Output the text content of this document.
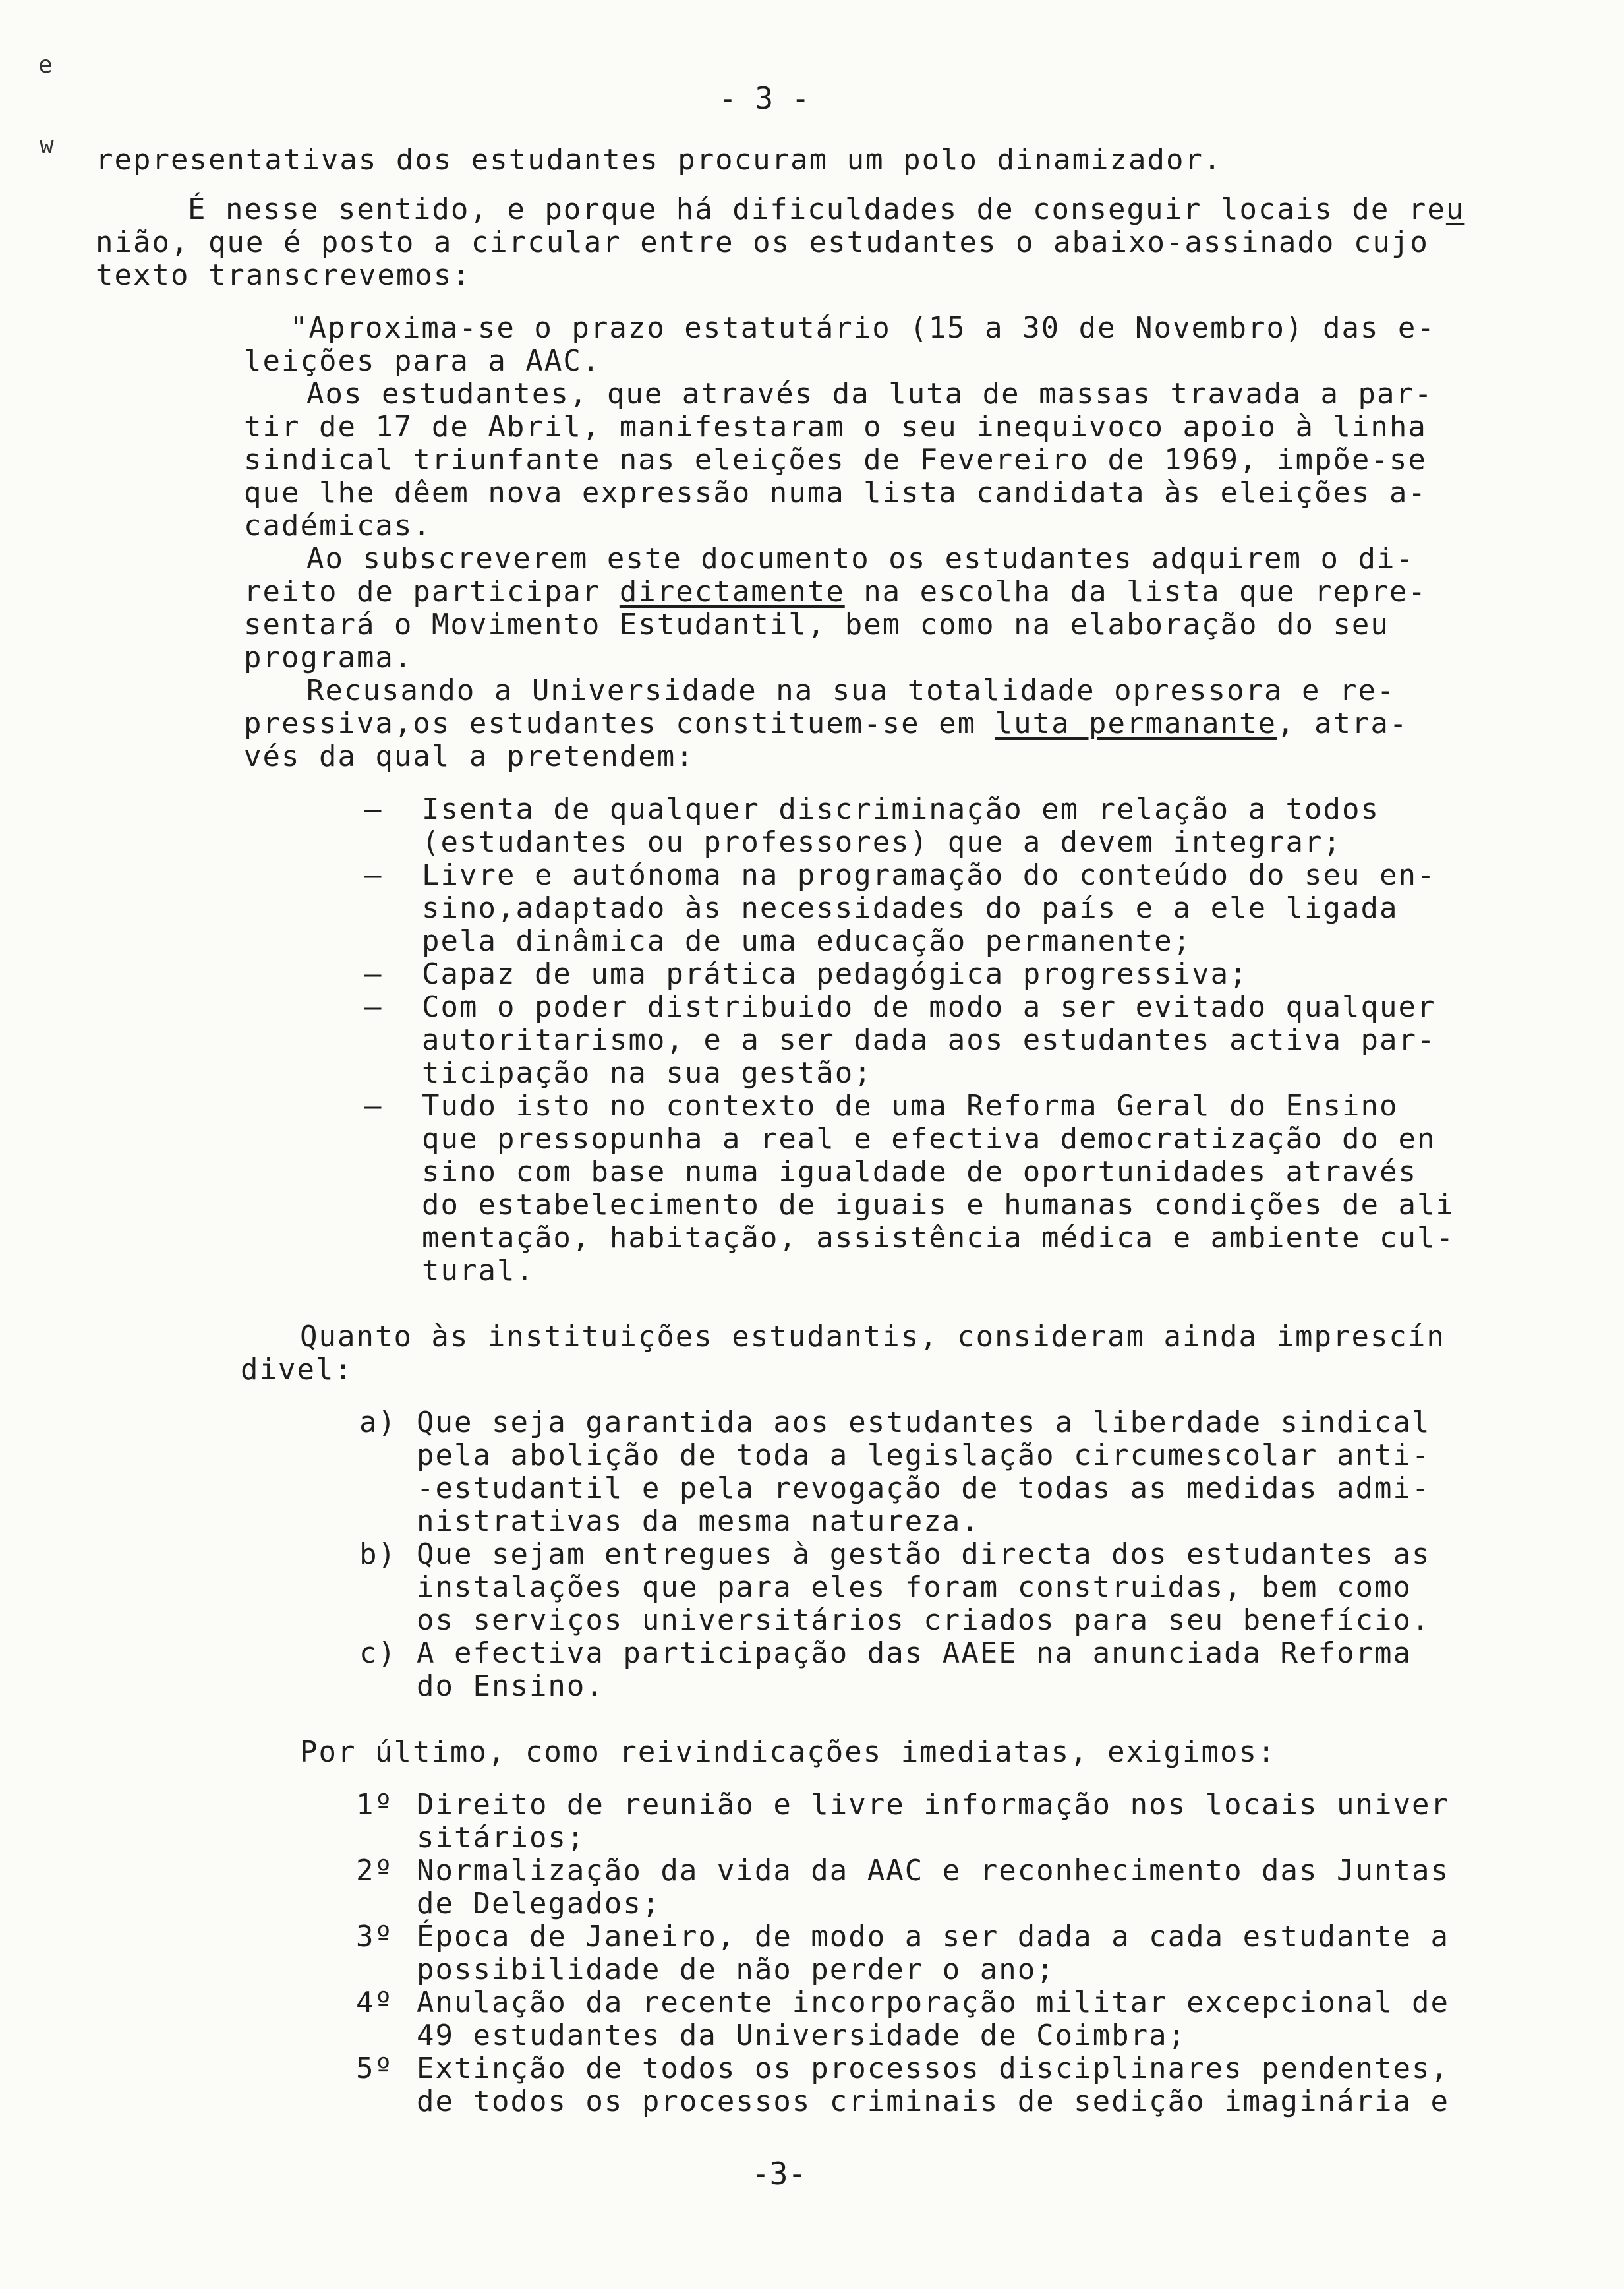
e
w
- 3 -
representativas dos estudantes procuram um polo dinamizador.
É nesse sentido, e porque há dificuldades de conseguir locais de reu
nião, que é posto a circular entre os estudantes o abaixo-assinado cujo
texto transcrevemos:
"Aproxima-se o prazo estatutário (15 a 30 de Novembro) das e-
leições para a AAC.
Aos estudantes, que através da luta de massas travada a par-
tir de 17 de Abril, manifestaram o seu inequivoco apoio à linha
sindical triunfante nas eleições de Fevereiro de 1969, impõe-se
que lhe dêem nova expressão numa lista candidata às eleições a-
cadémicas.
Ao subscreverem este documento os estudantes adquirem o di-
reito de participar directamente na escolha da lista que repre-
sentará o Movimento Estudantil, bem como na elaboração do seu
programa.
Recusando a Universidade na sua totalidade opressora e re-
pressiva,os estudantes constituem-se em luta permanante, atra-
vés da qual a pretendem:
— Isenta de qualquer discriminação em relação a todos
(estudantes ou professores) que a devem integrar;
— Livre e autónoma na programação do conteúdo do seu en-
sino,adaptado às necessidades do país e a ele ligada
pela dinâmica de uma educação permanente;
— Capaz de uma prática pedagógica progressiva;
— Com o poder distribuido de modo a ser evitado qualquer
autoritarismo, e a ser dada aos estudantes activa par-
ticipação na sua gestão;
— Tudo isto no contexto de uma Reforma Geral do Ensino
que pressopunha a real e efectiva democratização do en
sino com base numa igualdade de oportunidades através
do estabelecimento de iguais e humanas condições de ali
mentação, habitação, assistência médica e ambiente cul-
tural.
Quanto às instituições estudantis, consideram ainda imprescín
divel:
a) Que seja garantida aos estudantes a liberdade sindical
pela abolição de toda a legislação circumescolar anti-
-estudantil e pela revogação de todas as medidas admi-
nistrativas da mesma natureza.
b) Que sejam entregues à gestão directa dos estudantes as
instalações que para eles foram construidas, bem como
os serviços universitários criados para seu benefício.
c) A efectiva participação das AAEE na anunciada Reforma
do Ensino.
Por último, como reivindicações imediatas, exigimos:
1º Direito de reunião e livre informação nos locais univer
sitários;
2º Normalização da vida da AAC e reconhecimento das Juntas
de Delegados;
3º Época de Janeiro, de modo a ser dada a cada estudante a
possibilidade de não perder o ano;
4º Anulação da recente incorporação militar excepcional de
49 estudantes da Universidade de Coimbra;
5º Extinção de todos os processos disciplinares pendentes,
de todos os processos criminais de sedição imaginária e
-3-
